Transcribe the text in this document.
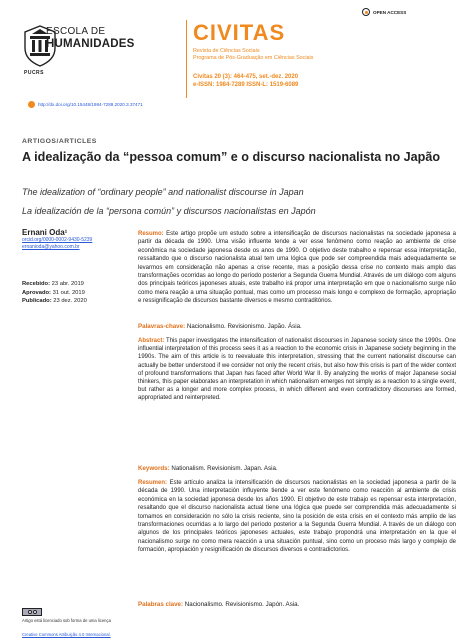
PUCRS
ESCOLA DE
HUMANIDADES	CIVITAS
Revista de Ciências Sociais
Programa de Pós-Graduação em Ciências Sociais
Civitas 20 (3): 464-475, set.-dez. 2020
e-ISSN: 1984-7289 ISSN-L: 1519-6089
OPEN ACCESS
http://dx.doi.org/10.15448/1984-7289.2020.3.37471
ARTIGOS/ARTICLES
A idealização da “pessoa comum” e o discurso nacionalista no Japão
The idealization of “ordinary people” and nationalist discourse in Japan
La idealización de la “persona común” y discursos nacionalistas en Japón
Ernani Oda¹
orcid.org/0000-0002-9430-5239
ernanioda@yahoo.com.br
Recebido: 23 abr. 2019
Aprovado: 31 out. 2019
Publicado: 23 dez. 2020
Resumo: Este artigo propõe um estudo sobre a intensificação de discursos nacionalistas na sociedade japonesa a partir da década de 1990. Uma visão influente tende a ver esse fenômeno como reação ao ambiente de crise econômica na sociedade japonesa desde os anos de 1990. O objetivo deste trabalho e repensar essa interpretação, ressaltando que o discurso nacionalista atual tem uma lógica que pode ser compreendida mais adequadamente se levarmos em consideração não apenas a crise recente, mas a posição dessa crise no contexto mais amplo das transformações ocorridas ao longo do período posterior a Segunda Guerra Mundial. Através de um diálogo com alguns dos principais teóricos japoneses atuais, este trabalho irá propor uma interpretação em que o nacionalismo surge não como mera reação a uma situação pontual, mas como um processo mais longo e complexo de formação, apropriação e ressignificação de discursos bastante diversos e mesmo contraditórios.
Palavras-chave: Nacionalismo. Revisionismo. Japão. Ásia.
Abstract: This paper investigates the intensification of nationalist discourses in Japanese society since the 1990s. One influential interpretation of this process sees it as a reaction to the economic crisis in Japanese society beginning in the 1990s. The aim of this article is to reevaluate this interpretation, stressing that the current nationalist discourse can actually be better understood if we consider not only the recent crisis, but also how this crisis is part of the wider context of profound transformations that Japan has faced after World War II. By analyzing the works of major Japanese social thinkers, this paper elaborates an interpretation in which nationalism emerges not simply as a reaction to a single event, but rather as a longer and more complex process, in which different and even contradictory discourses are formed, appropriated and reinterpreted.
Keywords: Nationalism. Revisionism. Japan. Asia.
Resumen: Este artículo analiza la intensificación de discursos nacionalistas en la sociedad japonesa a partir de la década de 1990. Una interpretación influyente tiende a ver este fenómeno como reacción al ambiente de crisis económica en la sociedad japonesa desde los años 1990. El objetivo de este trabajo es repensar esta interpretación, resaltando que el discurso nacionalista actual tiene una lógica que puede ser comprendida más adecuadamente si tomamos en consideración no sólo la crisis reciente, sino la posición de esta crisis en el contexto más amplio de las transformaciones ocurridas a lo largo del período posterior a la Segunda Guerra Mundial. A través de un diálogo con algunos de los principales teóricos japoneses actuales, este trabajo propondrá una interpretación en la que el nacionalismo surge no como mera reacción a una situación puntual, sino como un proceso más largo y complejo de formación, apropiación y resignificación de discursos diversos e contradictorios.
Palabras clave: Nacionalismo. Revisionismo. Japón. Asia.
Artigo está licenciado sob forma de uma licença
Creative Commons Atribuição 4.0 Internacional.
